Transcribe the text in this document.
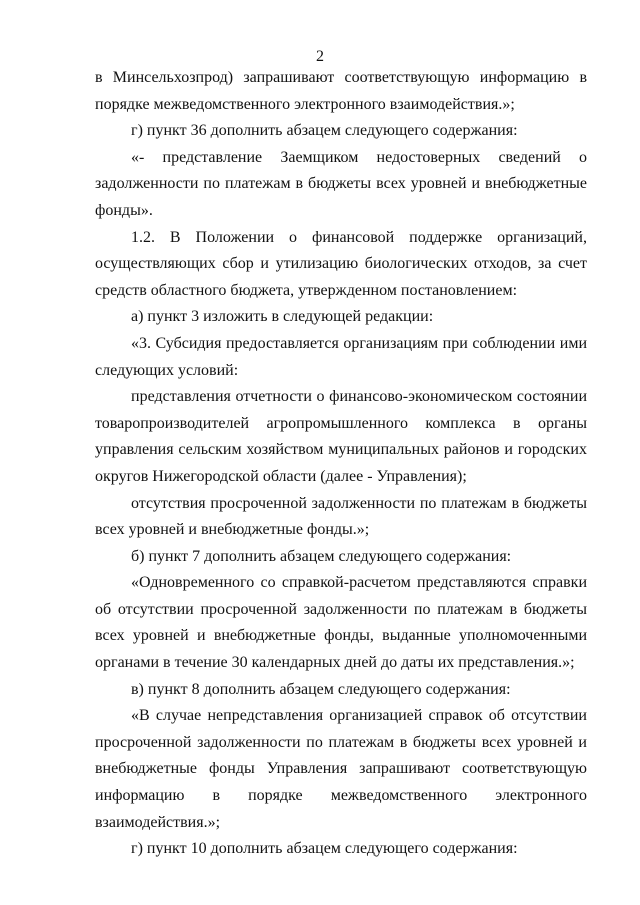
2

в Минсельхозпрод) запрашивают соответствующую информацию в порядке межведомственного электронного взаимодействия.»;

г) пункт 36 дополнить абзацем следующего содержания:

«- представление Заемщиком недостоверных сведений о задолженности по платежам в бюджеты всех уровней и внебюджетные фонды».

1.2. В Положении о финансовой поддержке организаций, осуществляющих сбор и утилизацию биологических отходов, за счет средств областного бюджета, утвержденном постановлением:

а) пункт 3 изложить в следующей редакции:

«3. Субсидия предоставляется организациям при соблюдении ими следующих условий:

представления отчетности о финансово-экономическом состоянии товаропроизводителей агропромышленного комплекса в органы управления сельским хозяйством муниципальных районов и городских округов Нижегородской области (далее - Управления);

отсутствия просроченной задолженности по платежам в бюджеты всех уровней и внебюджетные фонды.»;

б) пункт 7 дополнить абзацем следующего содержания:

«Одновременного со справкой-расчетом представляются справки об отсутствии просроченной задолженности по платежам в бюджеты всех уровней и внебюджетные фонды, выданные уполномоченными органами в течение 30 календарных дней до даты их представления.»;

в) пункт 8 дополнить абзацем следующего содержания:

«В случае непредставления организацией справок об отсутствии просроченной задолженности по платежам в бюджеты всех уровней и внебюджетные фонды Управления запрашивают соответствующую информацию в порядке межведомственного электронного взаимодействия.»;

г) пункт 10 дополнить абзацем следующего содержания:
